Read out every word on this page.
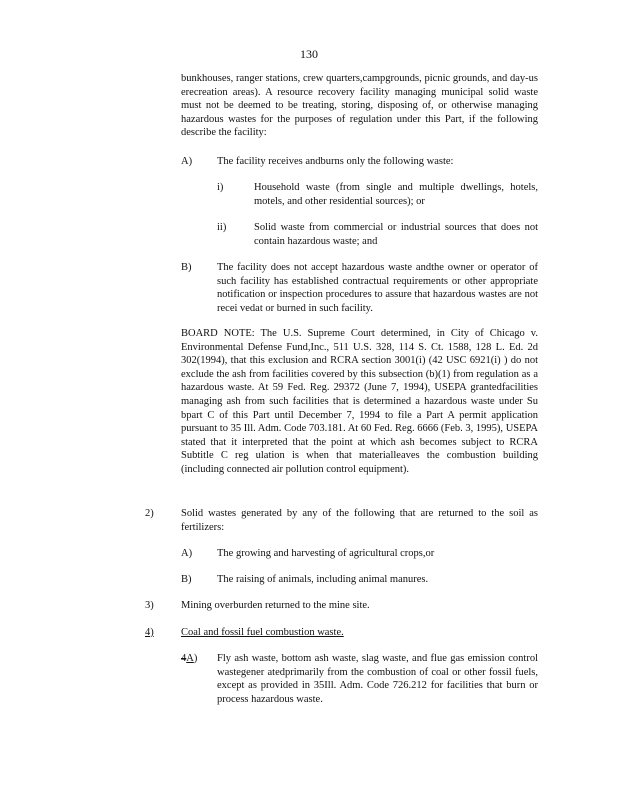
130
bunkhouses, ranger stations, crew quarters,campgrounds, picnic grounds, and day-us erecreation areas). A resource recovery facility managing municipal solid waste must not be deemed to be treating, storing, disposing of, or otherwise managing hazardous wastes for the purposes of regulation under this Part, if the following describe the facility:
A) The facility receives andburns only the following waste:
i)	Household waste (from single and multiple dwellings, hotels, motels, and other residential sources); or
ii)	Solid waste from commercial or industrial sources that does not contain hazardous waste; and
B) The facility does not accept hazardous waste andthe owner or operator of such facility has established contractual requirements or other appropriate notification or inspection procedures to assure that hazardous wastes are not recei vedat or burned in such facility.
BOARD NOTE: The U.S. Supreme Court determined, in City of Chicago v. Environmental Defense Fund,Inc., 511 U.S. 328, 114 S. Ct. 1588, 128 L. Ed. 2d 302(1994), that this exclusion and RCRA section 3001(i) (42 USC 6921(i) ) do not exclude the ash from facilities covered by this subsection (b)(1) from regulation as a hazardous waste. At 59 Fed. Reg. 29372 (June 7, 1994), USEPA grantedfacilities managing ash from such facilities that is determined a hazardous waste under Su bpart C of this Part until December 7, 1994 to file a Part A permit application pursuant to 35 Ill. Adm. Code 703.181. At 60 Fed. Reg. 6666 (Feb. 3, 1995), USEPA stated that it interpreted that the point at which ash becomes subject to RCRA Subtitle C reg ulation is when that materialleaves the combustion building (including connected air pollution control equipment).
2)	Solid wastes generated by any of the following that are returned to the soil as fertilizers:
A) The growing and harvesting of agricultural crops,or
B) The raising of animals, including animal manures.
3)	Mining overburden returned to the mine site.
4)	Coal and fossil fuel combustion waste.
4A) Fly ash waste, bottom ash waste, slag waste, and flue gas emission control wastegener atedprimarily from the combustion of coal or other fossil fuels, except as provided in 35Ill. Adm. Code 726.212 for facilities that burn or process hazardous waste.
